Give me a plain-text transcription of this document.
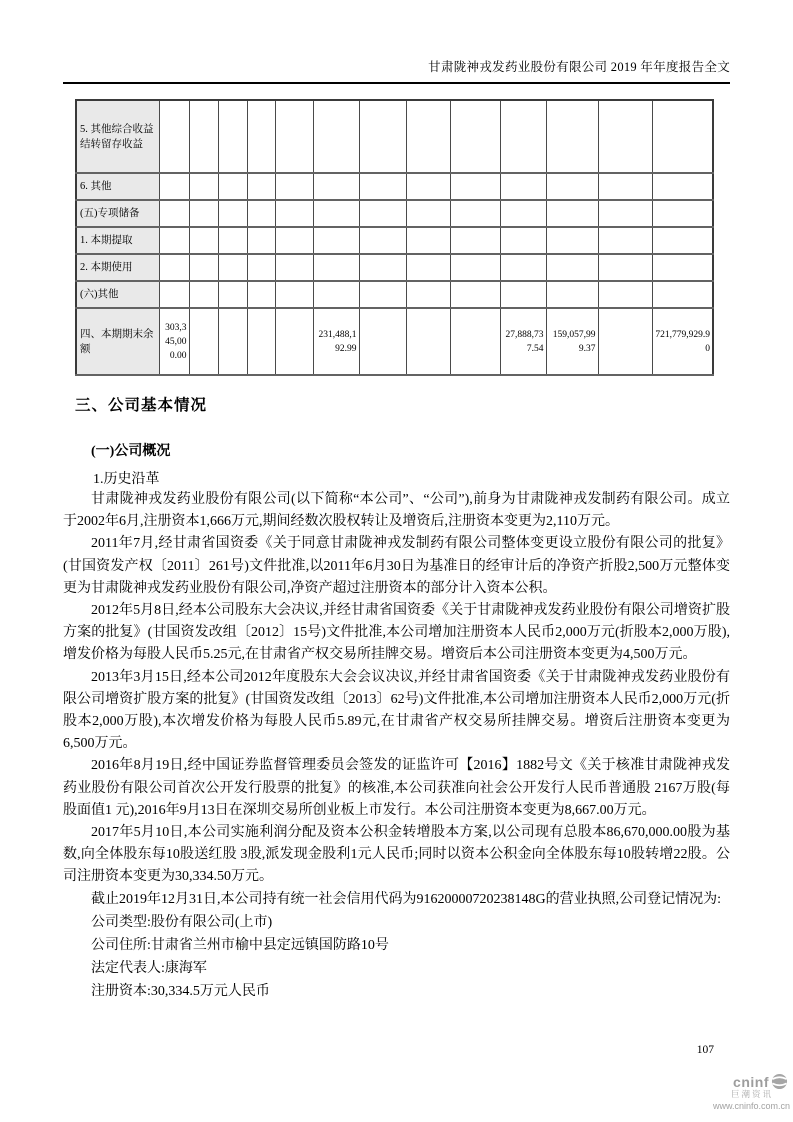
甘肃陇神戎发药业股份有限公司 2019 年年度报告全文
5. 其他综合收益结转留存收益													
6. 其他													
(五)专项储备													
1. 本期提取													
2. 本期使用													
(六)其他													
四、本期期末余额	303,345,000.00					231,488,192.99				27,888,737.54	159,057,999.37		721,779,929.90
三、公司基本情况
(一)公司概况
1.历史沿革

甘肃陇神戎发药业股份有限公司(以下简称“本公司”、“公司”),前身为甘肃陇神戎发制药有限公司。成立于2002年6月,注册资本1,666万元,期间经数次股权转让及增资后,注册资本变更为2,110万元。

2011年7月,经甘肃省国资委《关于同意甘肃陇神戎发制药有限公司整体变更设立股份有限公司的批复》(甘国资发产权〔2011〕261号)文件批准,以2011年6月30日为基准日的经审计后的净资产折股2,500万元整体变更为甘肃陇神戎发药业股份有限公司,净资产超过注册资本的部分计入资本公积。

2012年5月8日,经本公司股东大会决议,并经甘肃省国资委《关于甘肃陇神戎发药业股份有限公司增资扩股方案的批复》(甘国资发改组〔2012〕15号)文件批准,本公司增加注册资本人民币2,000万元(折股本2,000万股),增发价格为每股人民币5.25元,在甘肃省产权交易所挂牌交易。增资后本公司注册资本变更为4,500万元。

2013年3月15日,经本公司2012年度股东大会会议决议,并经甘肃省国资委《关于甘肃陇神戎发药业股份有限公司增资扩股方案的批复》(甘国资发改组〔2013〕62号)文件批准,本公司增加注册资本人民币2,000万元(折股本2,000万股),本次增发价格为每股人民币5.89元,在甘肃省产权交易所挂牌交易。增资后注册资本变更为6,500万元。

2016年8月19日,经中国证券监督管理委员会签发的证监许可【2016】1882号文《关于核准甘肃陇神戎发药业股份有限公司首次公开发行股票的批复》的核准,本公司获准向社会公开发行人民币普通股 2167万股(每股面值1 元),2016年9月13日在深圳交易所创业板上市发行。本公司注册资本变更为8,667.00万元。

2017年5月10日,本公司实施利润分配及资本公积金转增股本方案,以公司现有总股本86,670,000.00股为基数,向全体股东每10股送红股 3股,派发现金股利1元人民币;同时以资本公积金向全体股东每10股转增22股。公司注册资本变更为30,334.50万元。

截止2019年12月31日,本公司持有统一社会信用代码为91620000720238148G的营业执照,公司登记情况为:

公司类型:股份有限公司(上市)

公司住所:甘肃省兰州市榆中县定远镇国防路10号

法定代表人:康海军

注册资本:30,334.5万元人民币

107
cninf
巨潮资讯
www.cninfo.com.cn
